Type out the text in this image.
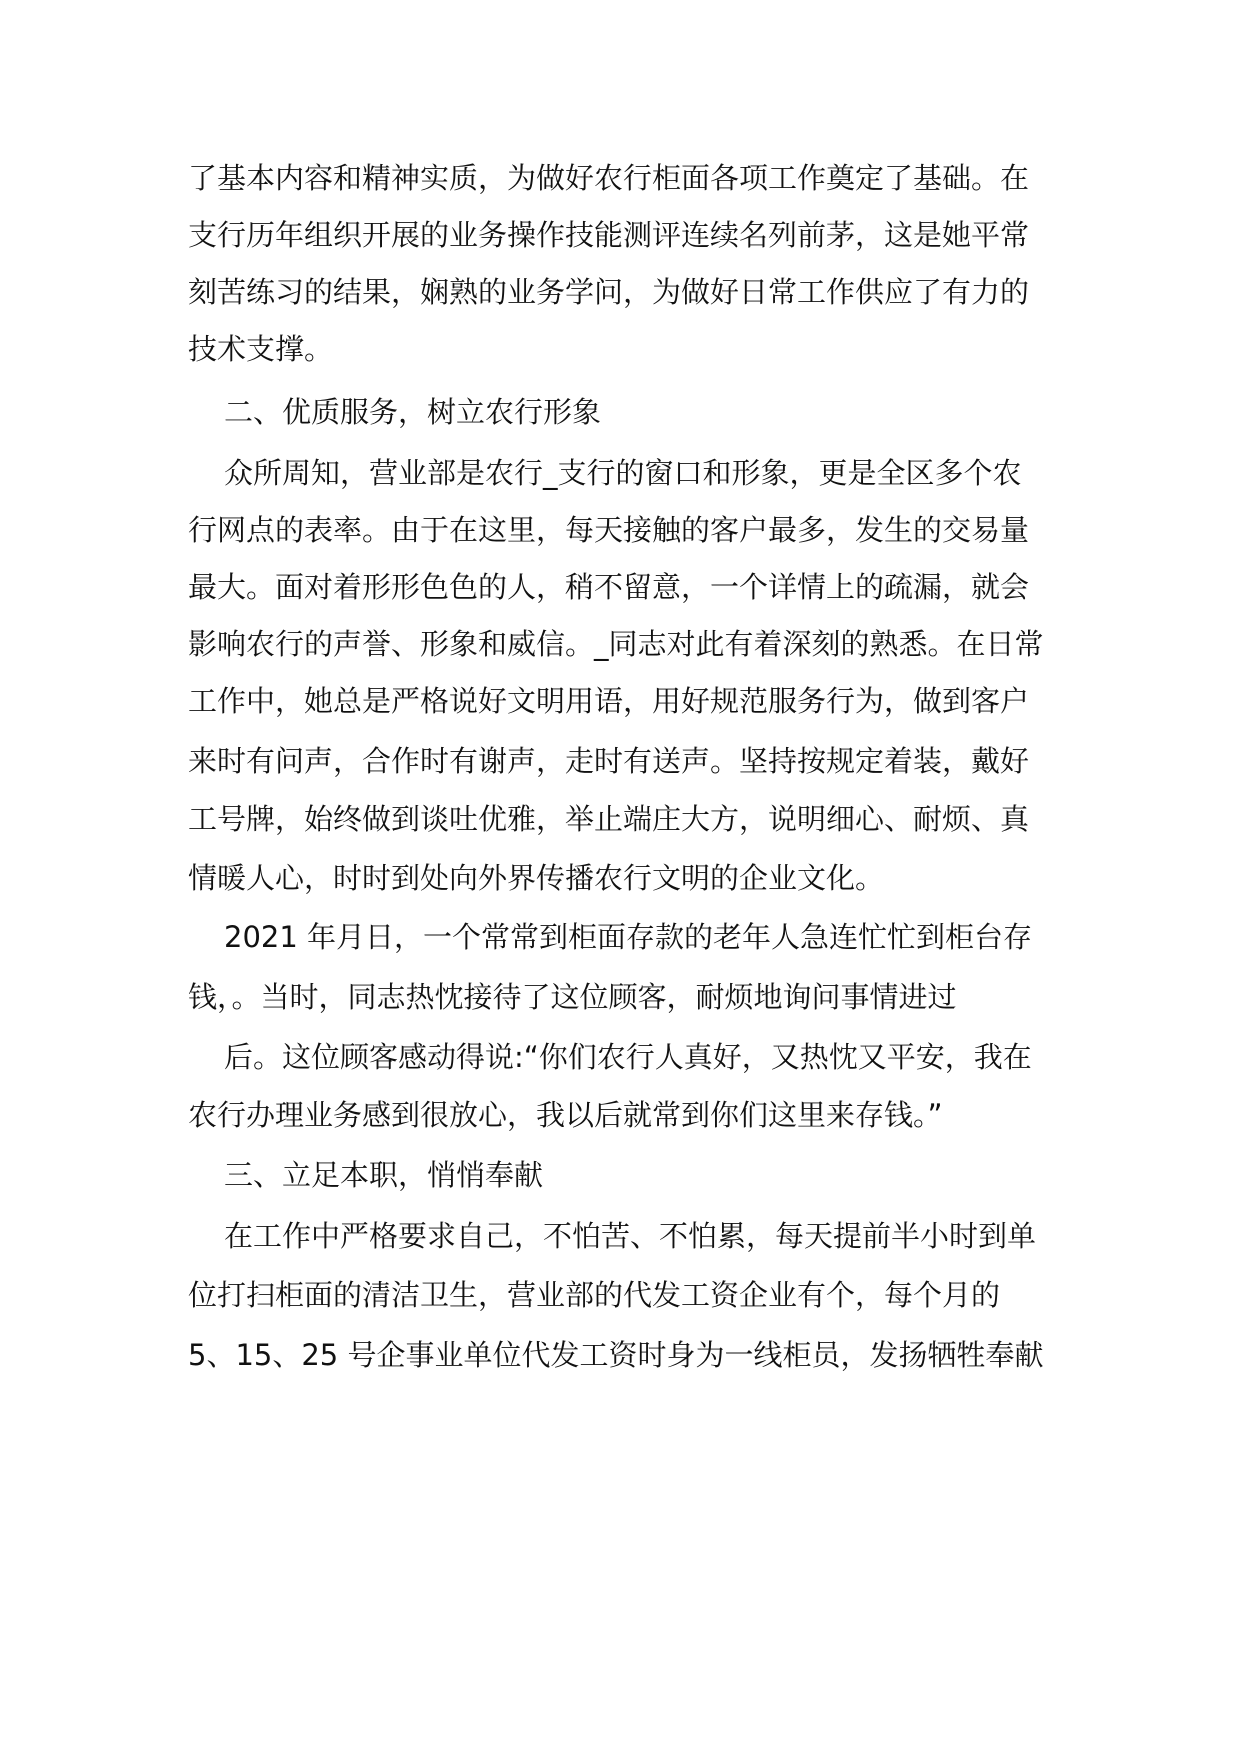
了基本内容和精神实质，为做好农行柜面各项工作奠定了基础。在
支行历年组织开展的业务操作技能测评连续名列前茅，这是她平常
刻苦练习的结果，娴熟的业务学问，为做好日常工作供应了有力的
技术支撑。
二、优质服务，树立农行形象
众所周知，营业部是农行_支行的窗口和形象，更是全区多个农
行网点的表率。由于在这里，每天接触的客户最多，发生的交易量
最大。面对着形形色色的人，稍不留意，一个详情上的疏漏，就会
影响农行的声誉、形象和威信。_同志对此有着深刻的熟悉。在日常
工作中，她总是严格说好文明用语，用好规范服务行为，做到客户
来时有问声，合作时有谢声，走时有送声。坚持按规定着装，戴好
工号牌，始终做到谈吐优雅，举止端庄大方，说明细心、耐烦、真
情暖人心，时时到处向外界传播农行文明的企业文化。
2021 年月日，一个常常到柜面存款的老年人急连忙忙到柜台存
钱，。当时，同志热忱接待了这位顾客，耐烦地询问事情进过
后。这位顾客感动得说:“你们农行人真好，又热忱又平安，我在
农行办理业务感到很放心，我以后就常到你们这里来存钱。”
三、立足本职，悄悄奉献
在工作中严格要求自己，不怕苦、不怕累，每天提前半小时到单
位打扫柜面的清洁卫生，营业部的代发工资企业有个，每个月的
5、15、25 号企事业单位代发工资时身为一线柜员，发扬牺牲奉献
